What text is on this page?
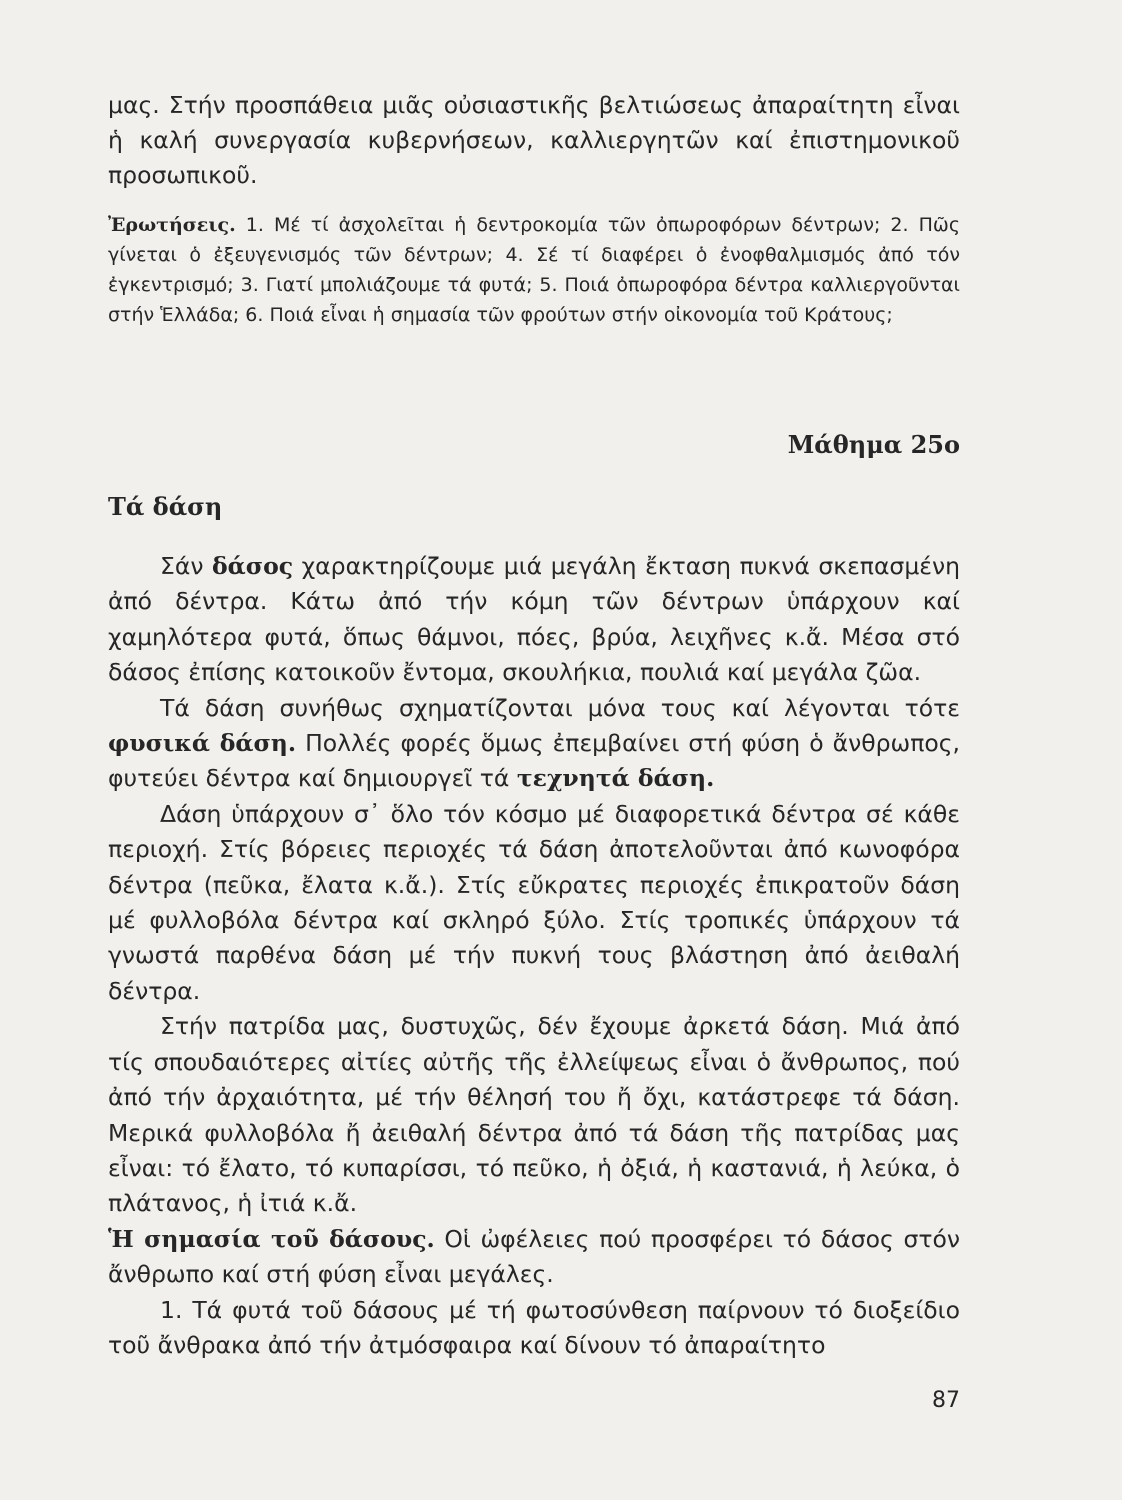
μας. Στήν προσπάθεια μιᾶς οὐσιαστικῆς βελτιώσεως ἀπαραίτητη εἶναι ἡ καλή συνεργασία κυβερνήσεων, καλλιεργητῶν καί ἐπιστημονικοῦ προσωπικοῦ.

Ἐρωτήσεις. 1. Μέ τί ἀσχολεῖται ἡ δεντροκομία τῶν ὀπωροφόρων δέντρων; 2. Πῶς γίνεται ὁ ἐξευγενισμός τῶν δέντρων; 4. Σέ τί διαφέρει ὁ ἐνοφθαλμισμός ἀπό τόν ἐγκεντρισμό; 3. Γιατί μπολιάζουμε τά φυτά; 5. Ποιά ὀπωροφόρα δέντρα καλλιεργοῦνται στήν Ἑλλάδα; 6. Ποιά εἶναι ἡ σημασία τῶν φρούτων στήν οἰκονομία τοῦ Κράτους;

Μάθημα 25ο
Τά δάση

Σάν δάσος χαρακτηρίζουμε μιά μεγάλη ἔκταση πυκνά σκεπασμένη ἀπό δέντρα. Κάτω ἀπό τήν κόμη τῶν δέντρων ὑπάρχουν καί χαμηλότερα φυτά, ὅπως θάμνοι, πόες, βρύα, λειχῆνες κ.ἄ. Μέσα στό δάσος ἐπίσης κατοικοῦν ἔντομα, σκουλήκια, πουλιά καί μεγάλα ζῶα.

Τά δάση συνήθως σχηματίζονται μόνα τους καί λέγονται τότε φυσικά δάση. Πολλές φορές ὅμως ἐπεμβαίνει στή φύση ὁ ἄνθρωπος, φυτεύει δέντρα καί δημιουργεῖ τά τεχνητά δάση.

Δάση ὑπάρχουν σ᾿ ὅλο τόν κόσμο μέ διαφορετικά δέντρα σέ κάθε περιοχή. Στίς βόρειες περιοχές τά δάση ἀποτελοῦνται ἀπό κωνοφόρα δέντρα (πεῦκα, ἔλατα κ.ἄ.). Στίς εὔκρατες περιοχές ἐπικρατοῦν δάση μέ φυλλοβόλα δέντρα καί σκληρό ξύλο. Στίς τροπικές ὑπάρχουν τά γνωστά παρθένα δάση μέ τήν πυκνή τους βλάστηση ἀπό ἀειθαλή δέντρα.

Στήν πατρίδα μας, δυστυχῶς, δέν ἔχουμε ἀρκετά δάση. Μιά ἀπό τίς σπουδαιότερες αἰτίες αὐτῆς τῆς ἐλλείψεως εἶναι ὁ ἄνθρωπος, πού ἀπό τήν ἀρχαιότητα, μέ τήν θέλησή του ἤ ὄχι, κατάστρεφε τά δάση. Μερικά φυλλοβόλα ἤ ἀειθαλή δέντρα ἀπό τά δάση τῆς πατρίδας μας εἶναι: τό ἔλατο, τό κυπαρίσσι, τό πεῦκο, ἡ ὀξιά, ἡ καστανιά, ἡ λεύκα, ὁ πλάτανος, ἡ ἰτιά κ.ἄ.

Ἡ σημασία τοῦ δάσους. Οἱ ὠφέλειες πού προσφέρει τό δάσος στόν ἄνθρωπο καί στή φύση εἶναι μεγάλες.

1. Τά φυτά τοῦ δάσους μέ τή φωτοσύνθεση παίρνουν τό διοξείδιο τοῦ ἄνθρακα ἀπό τήν ἀτμόσφαιρα καί δίνουν τό ἀπαραίτητο

87
